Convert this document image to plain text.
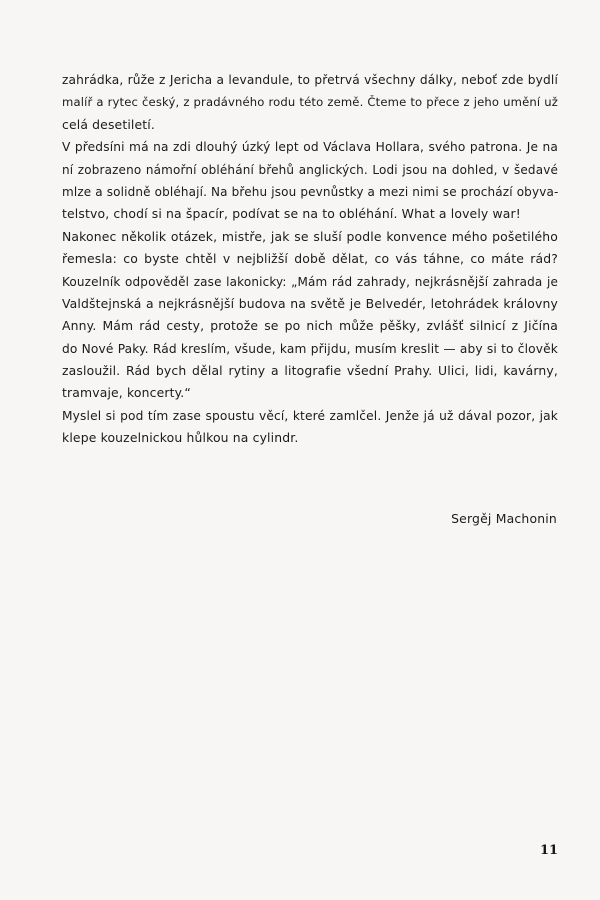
zahrádka, růže z Jericha a levandule, to přetrvá všechny dálky, neboť zde bydlí
malíř a rytec český, z pradávného rodu této země. Čteme to přece z jeho umění už
celá desetiletí.
V předsíni má na zdi dlouhý úzký lept od Václava Hollara, svého patrona. Je na
ní zobrazeno námořní obléhání břehů anglických. Lodi jsou na dohled, v šedavé
mlze a solidně obléhají. Na břehu jsou pevnůstky a mezi nimi se prochází obyva-
telstvo, chodí si na špacír, podívat se na to obléhání. What a lovely war!
Nakonec několik otázek, mistře, jak se sluší podle konvence mého pošetilého
řemesla: co byste chtěl v nejbližší době dělat, co vás táhne, co máte rád?
Kouzelník odpověděl zase lakonicky: „Mám rád zahrady, nejkrásnější zahrada je
Valdštejnská a nejkrásnější budova na světě je Belvedér, letohrádek královny
Anny. Mám rád cesty, protože se po nich může pěšky, zvlášť silnicí z Jičína
do Nové Paky. Rád kreslím, všude, kam přijdu, musím kreslit — aby si to člověk
zasloužil. Rád bych dělal rytiny a litografie všední Prahy. Ulici, lidi, kavárny,
tramvaje, koncerty.“
Myslel si pod tím zase spoustu věcí, které zamlčel. Jenže já už dával pozor, jak
klepe kouzelnickou hůlkou na cylindr.
Sergěj Machonin
11
